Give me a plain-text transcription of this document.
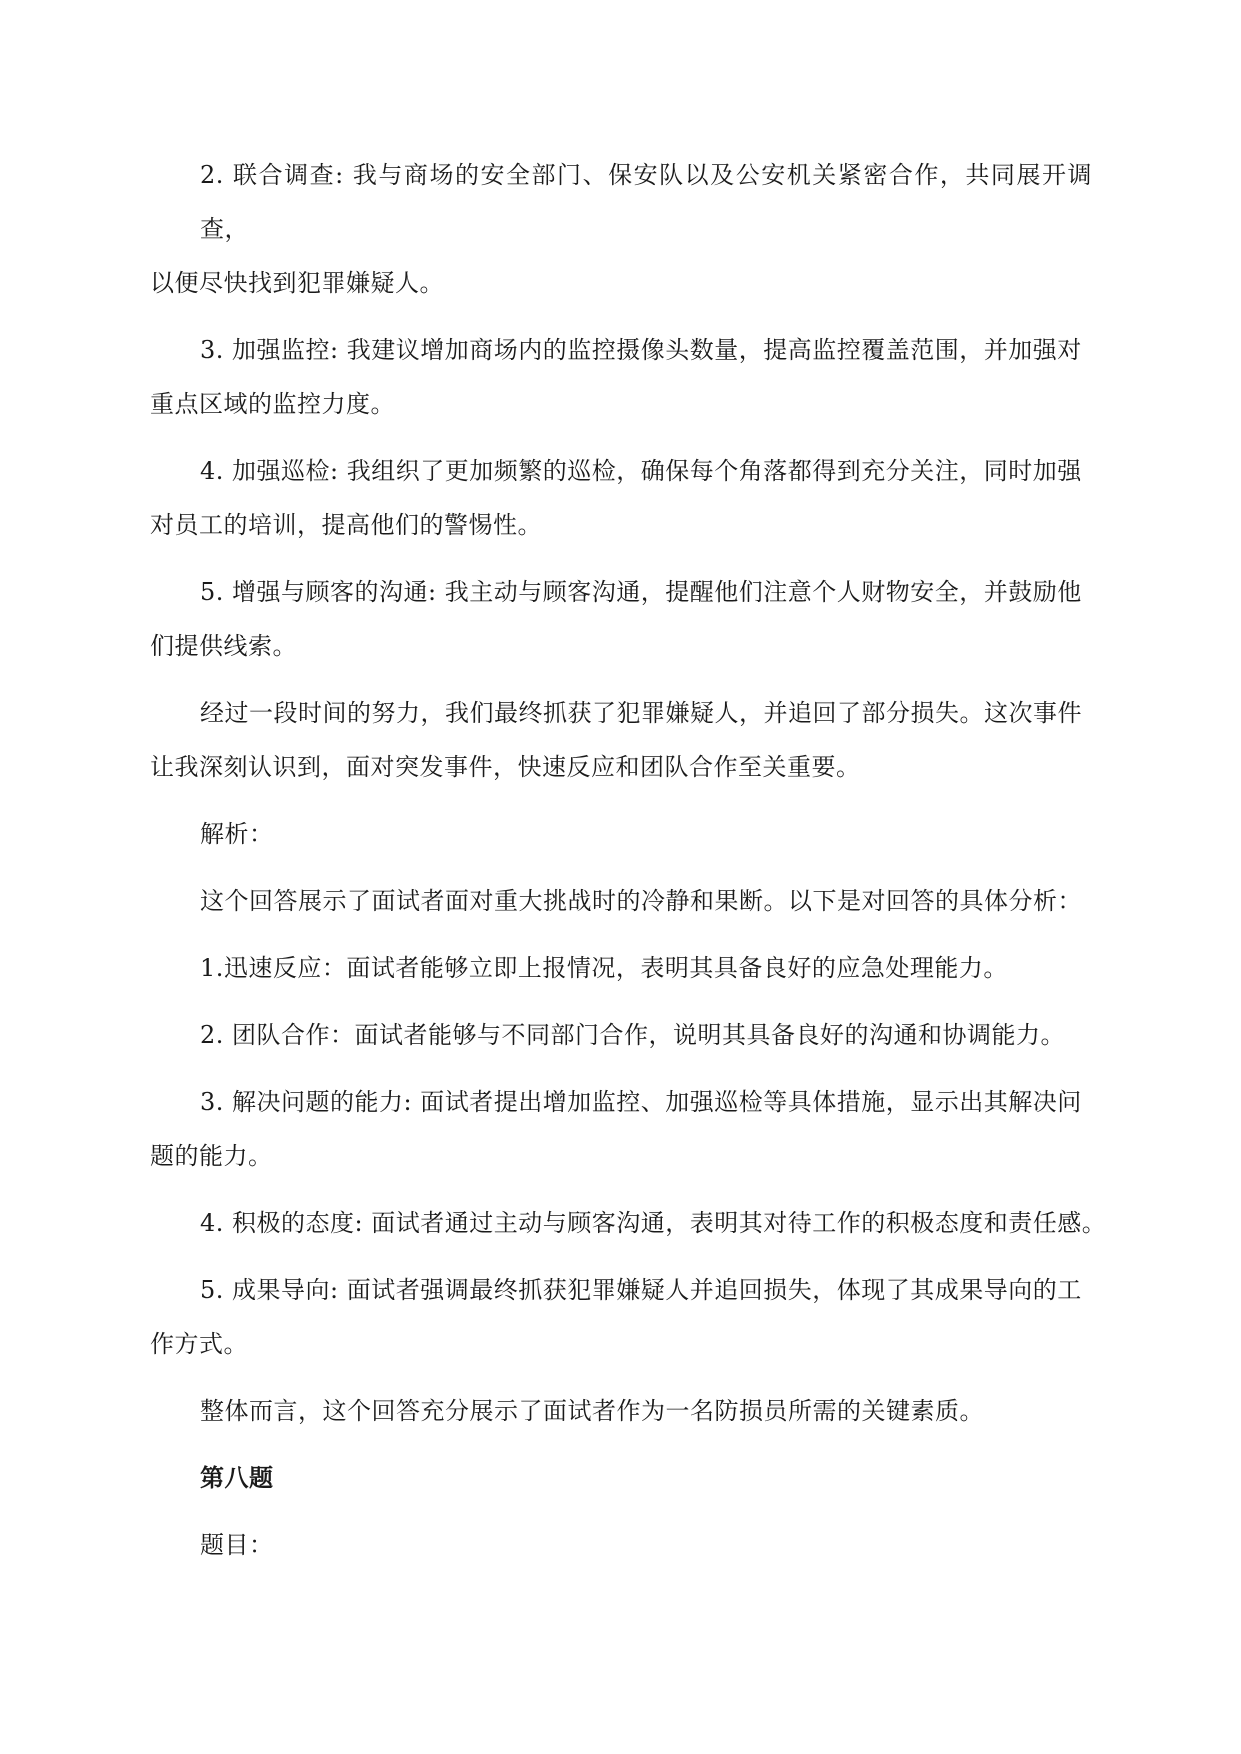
2. 联合调查: 我与商场的安全部门、保安队以及公安机关紧密合作，共同展开调查，
以便尽快找到犯罪嫌疑人。
3. 加强监控: 我建议增加商场内的监控摄像头数量，提高监控覆盖范围，并加强对
重点区域的监控力度。
4. 加强巡检: 我组织了更加频繁的巡检，确保每个角落都得到充分关注，同时加强
对员工的培训，提高他们的警惕性。
5. 增强与顾客的沟通: 我主动与顾客沟通，提醒他们注意个人财物安全，并鼓励他
们提供线索。
经过一段时间的努力，我们最终抓获了犯罪嫌疑人，并追回了部分损失。这次事件
让我深刻认识到，面对突发事件，快速反应和团队合作至关重要。
解析：
这个回答展示了面试者面对重大挑战时的冷静和果断。以下是对回答的具体分析：
1.迅速反应：面试者能够立即上报情况，表明其具备良好的应急处理能力。
2. 团队合作：面试者能够与不同部门合作，说明其具备良好的沟通和协调能力。
3. 解决问题的能力: 面试者提出增加监控、加强巡检等具体措施，显示出其解决问
题的能力。
4. 积极的态度: 面试者通过主动与顾客沟通，表明其对待工作的积极态度和责任感。
5. 成果导向: 面试者强调最终抓获犯罪嫌疑人并追回损失，体现了其成果导向的工
作方式。
整体而言，这个回答充分展示了面试者作为一名防损员所需的关键素质。
第八题
题目：
